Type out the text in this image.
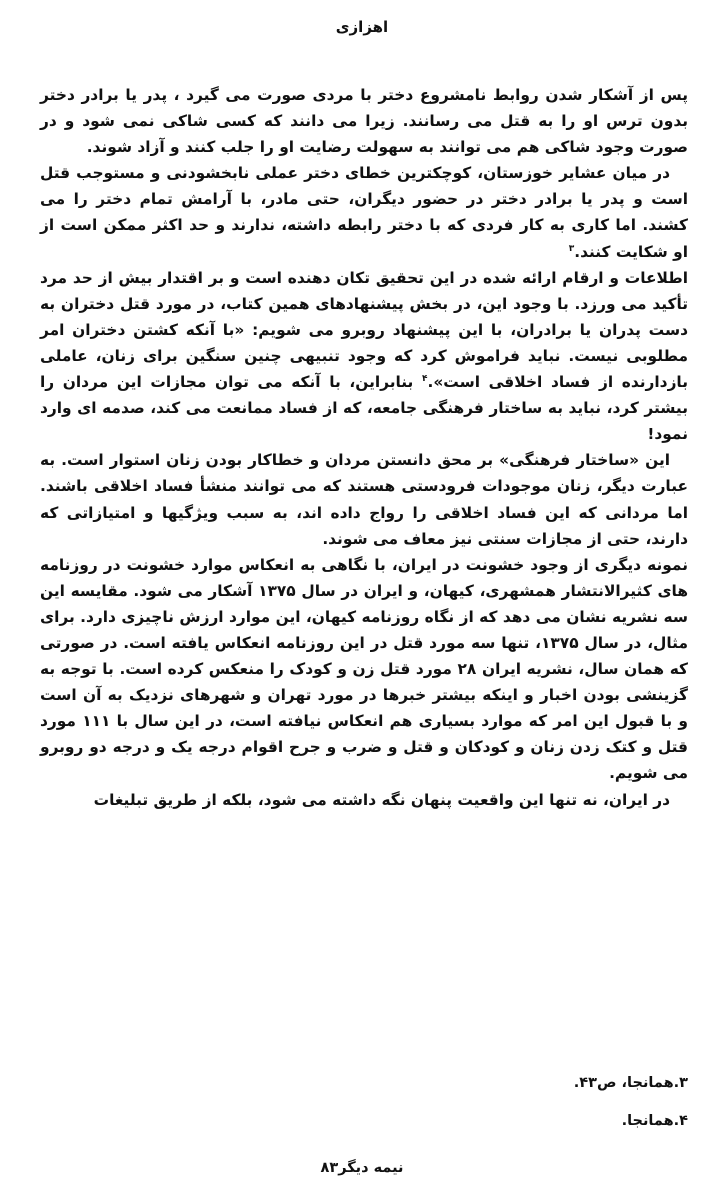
اهزازی

پس از آشکار شدن روابط نامشروع دختر با مردی صورت می گیرد ، پدر یا برادر دختر بدون ترس او را به قتل می رسانند. زیرا می دانند که کسی شاکی نمی شود و در صورت وجود شاکی هم می توانند به سهولت رضایت او را جلب کنند و آزاد شوند.

در میان عشایر خوزستان، کوچکترین خطای دختر عملی نابخشودنی و مستوجب قتل است و پدر یا برادر دختر در حضور دیگران، حتی مادر، با آرامش تمام دختر را می کشند. اما کاری به کار فردی که با دختر رابطه داشته، ندارند و حد اکثر ممکن است از او شکایت کنند.$^۳$

اطلاعات و ارقام ارائه شده در این تحقیق تکان دهنده است و بر اقتدار بیش از حد مرد تأکید می ورزد. با وجود این، در بخش پیشنهادهای همین کتاب، در مورد قتل دختران به دست پدران یا برادران، با این پیشنهاد روبرو می شویم: «با آنکه کشتن دختران امر مطلوبی نیست. نباید فراموش کرد که وجود تنبیهی چنین سنگین برای زنان، عاملی بازدارنده از فساد اخلاقی است».$^۴$ بنابراین، با آنکه می توان مجازات این مردان را بیشتر کرد، نباید به ساختار فرهنگی جامعه، که از فساد ممانعت می کند، صدمه ای وارد نمود!

این «ساختار فرهنگی» بر محق دانستن مردان و خطاکار بودن زنان استوار است. به عبارت دیگر، زنان موجودات فرودستی هستند که می توانند منشأ فساد اخلاقی باشند. اما مردانی که این فساد اخلاقی را رواج داده اند، به سبب ویژگیها و امتیازاتی که دارند، حتی از مجازات سنتی نیز معاف می شوند.

نمونه دیگری از وجود خشونت در ایران، با نگاهی به انعکاس موارد خشونت در روزنامه های کثیرالانتشار همشهری، کیهان، و ایران در سال ۱۳۷۵ آشکار می شود. مقایسه این سه نشریه نشان می دهد که از نگاه روزنامه کیهان، این موارد ارزش ناچیزی دارد. برای مثال، در سال ۱۳۷۵، تنها سه مورد قتل در این روزنامه انعکاس یافته است. در صورتی که همان سال، نشریه ایران ۲۸ مورد قتل زن و کودک را منعکس کرده است. با توجه به گزینشی بودن اخبار و اینکه بیشتر خبرها در مورد تهران و شهرهای نزدیک به آن است و با قبول این امر که موارد بسیاری هم انعکاس نیافته است، در این سال با ۱۱۱ مورد قتل و کتک زدن زنان و کودکان و قتل و ضرب و جرح اقوام درجه یک و درجه دو روبرو می شویم.

در ایران، نه تنها این واقعیت پنهان نگه داشته می شود، بلکه از طریق تبلیغات

۳.همانجا، ص۴۳.
۴.همانجا.
نیمه دیگر۸۳
